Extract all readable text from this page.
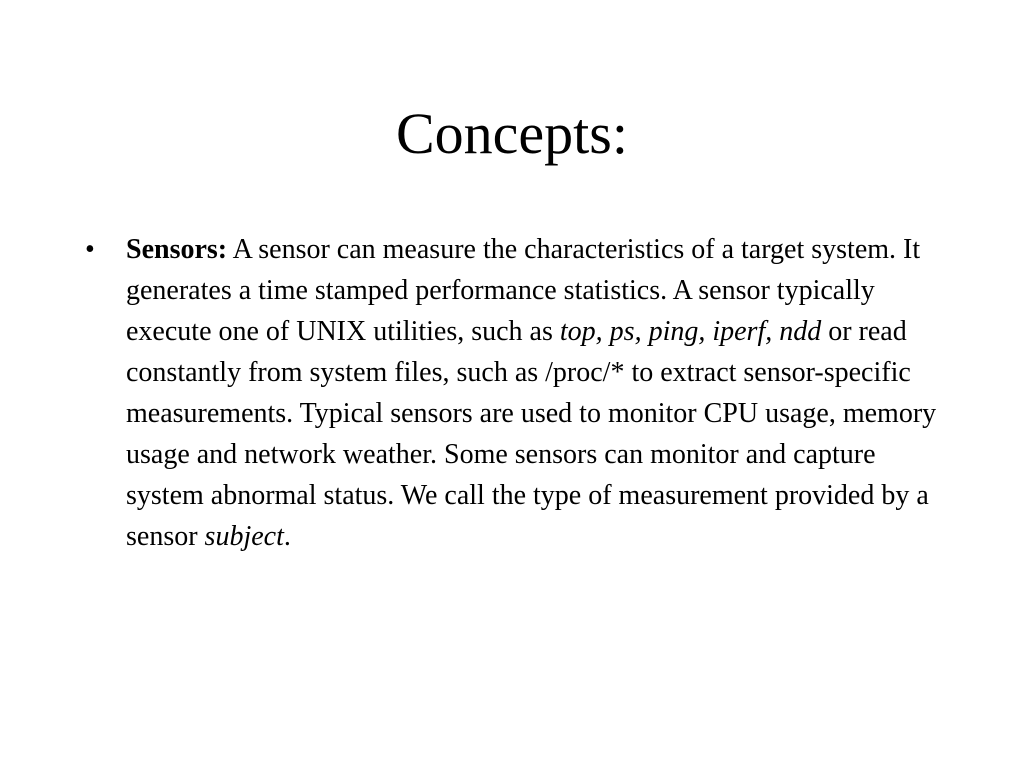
Concepts:
• Sensors: A sensor can measure the characteristics of a target system. It generates a time stamped performance statistics. A sensor typically execute one of UNIX utilities, such as top, ps, ping, iperf, ndd or read constantly from system files, such as /proc/* to extract sensor-specific measurements. Typical sensors are used to monitor CPU usage, memory usage and network weather. Some sensors can monitor and capture system abnormal status. We call the type of measurement provided by a sensor subject.
